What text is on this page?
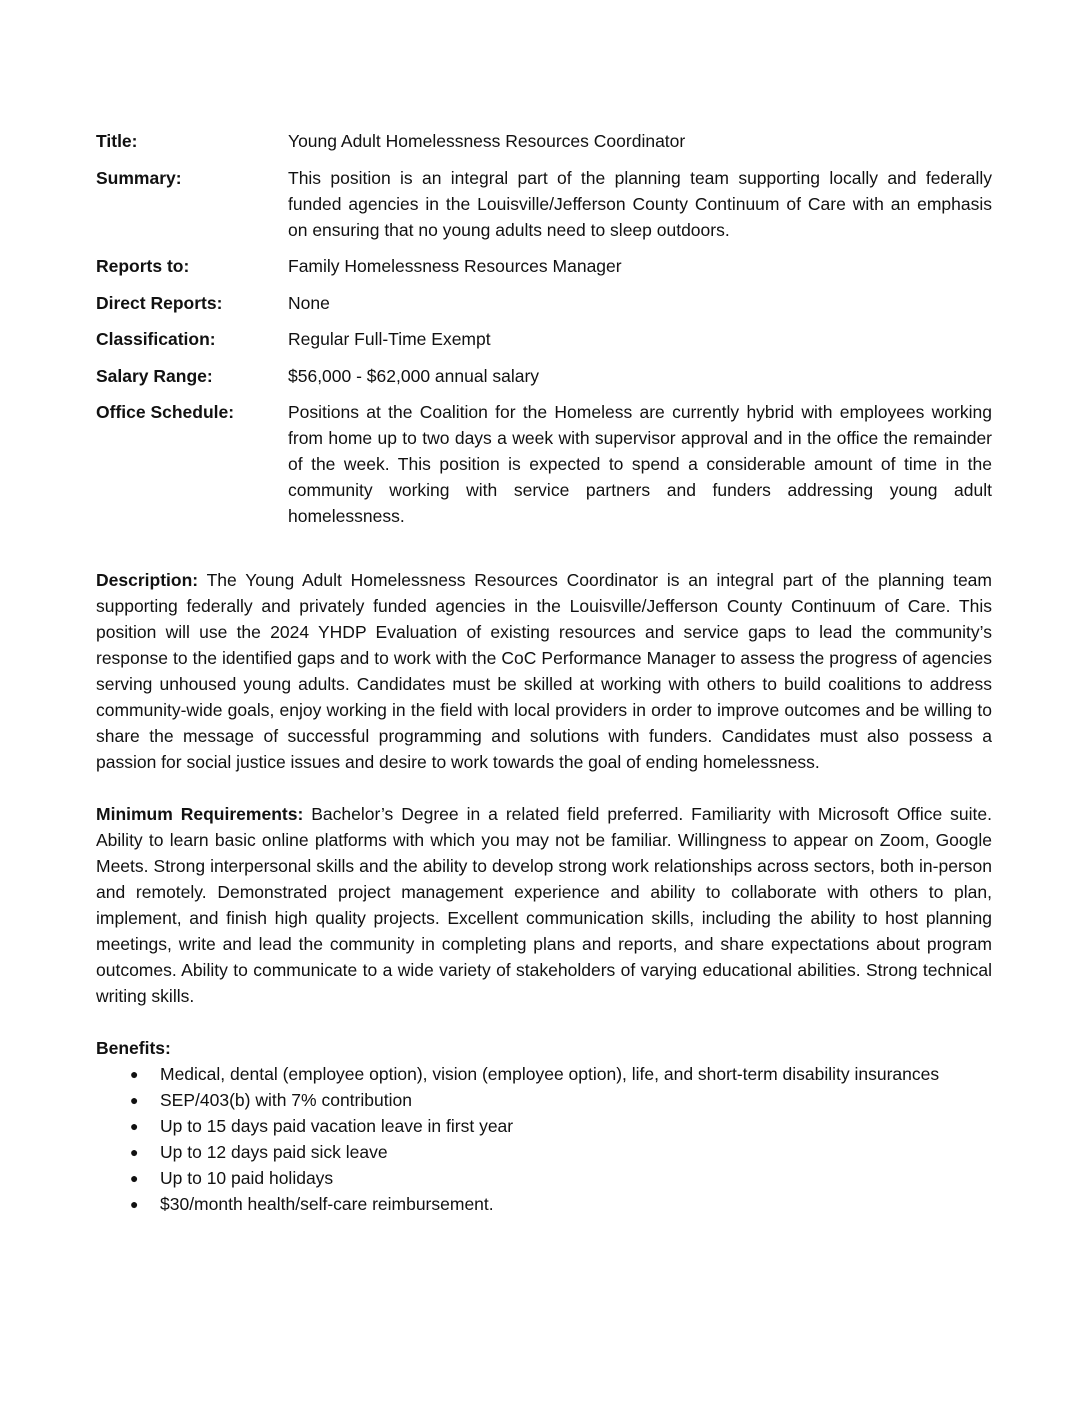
Title:	Young Adult Homelessness Resources Coordinator
Summary:	This position is an integral part of the planning team supporting locally and federally funded agencies in the Louisville/Jefferson County Continuum of Care with an emphasis on ensuring that no young adults need to sleep outdoors.
Reports to:	Family Homelessness Resources Manager
Direct Reports:	None
Classification:	Regular Full-Time Exempt
Salary Range:	$56,000 - $62,000 annual salary
Office Schedule:	Positions at the Coalition for the Homeless are currently hybrid with employees working from home up to two days a week with supervisor approval and in the office the remainder of the week. This position is expected to spend a considerable amount of time in the community working with service partners and funders addressing young adult homelessness.

Description: The Young Adult Homelessness Resources Coordinator is an integral part of the planning team supporting federally and privately funded agencies in the Louisville/Jefferson County Continuum of Care. This position will use the 2024 YHDP Evaluation of existing resources and service gaps to lead the community’s response to the identified gaps and to work with the CoC Performance Manager to assess the progress of agencies serving unhoused young adults. Candidates must be skilled at working with others to build coalitions to address community-wide goals, enjoy working in the field with local providers in order to improve outcomes and be willing to share the message of successful programming and solutions with funders. Candidates must also possess a passion for social justice issues and desire to work towards the goal of ending homelessness.

Minimum Requirements: Bachelor’s Degree in a related field preferred. Familiarity with Microsoft Office suite. Ability to learn basic online platforms with which you may not be familiar. Willingness to appear on Zoom, Google Meets. Strong interpersonal skills and the ability to develop strong work relationships across sectors, both in-person and remotely. Demonstrated project management experience and ability to collaborate with others to plan, implement, and finish high quality projects. Excellent communication skills, including the ability to host planning meetings, write and lead the community in completing plans and reports, and share expectations about program outcomes. Ability to communicate to a wide variety of stakeholders of varying educational abilities. Strong technical writing skills.

Benefits:
● Medical, dental (employee option), vision (employee option), life, and short-term disability insurances
● SEP/403(b) with 7% contribution
● Up to 15 days paid vacation leave in first year
● Up to 12 days paid sick leave
● Up to 10 paid holidays
● $30/month health/self-care reimbursement.
